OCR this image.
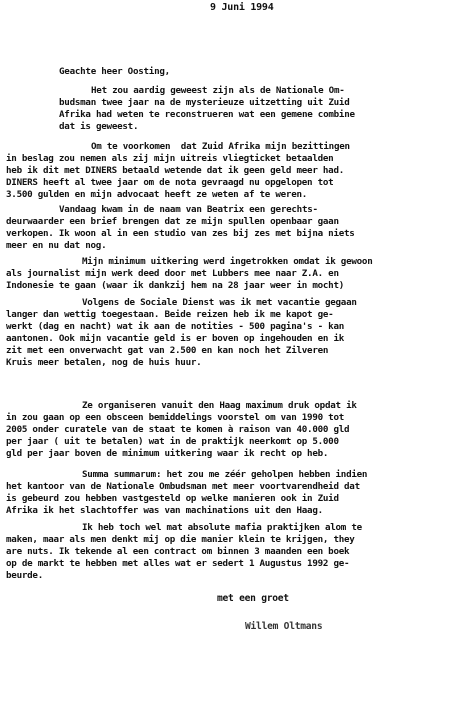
9 Juni 1994
Geachte heer Oosting,
Het zou aardig geweest zijn als de Nationale Om-
budsman twee jaar na de mysterieuze uitzetting uit Zuid
Afrika had weten te reconstrueren wat een gemene combine
dat is geweest.
Om te voorkomen  dat Zuid Afrika mijn bezittingen
in beslag zou nemen als zij mijn uitreis vliegticket betaalden
heb ik dit met DINERS betaald wetende dat ik geen geld meer had.
DINERS heeft al twee jaar om de nota gevraagd nu opgelopen tot
3.500 gulden en mijn advocaat heeft ze weten af te weren.
Vandaag kwam in de naam van Beatrix een gerechts-
deurwaarder een brief brengen dat ze mijn spullen openbaar gaan
verkopen. Ik woon al in een studio van zes bij zes met bijna niets
meer en nu dat nog.
Mijn minimum uitkering werd ingetrokken omdat ik gewoon
als journalist mijn werk deed door met Lubbers mee naar Z.A. en
Indonesie te gaan (waar ik dankzij hem na 28 jaar weer in mocht)
Volgens de Sociale Dienst was ik met vacantie gegaan
langer dan wettig toegestaan. Beide reizen heb ik me kapot ge-
werkt (dag en nacht) wat ik aan de notities - 500 pagina's - kan
aantonen. Ook mijn vacantie geld is er boven op ingehouden en ik
zit met een onverwacht gat van 2.500 en kan noch het Zilveren
Kruis meer betalen, nog de huis huur.
Ze organiseren vanuit den Haag maximum druk opdat ik
in zou gaan op een obsceen bemiddelings voorstel om van 1990 tot
2005 onder curatele van de staat te komen à raison van 40.000 gld
per jaar ( uit te betalen) wat in de praktijk neerkomt op 5.000
gld per jaar boven de minimum uitkering waar ik recht op heb.
Summa summarum: het zou me zéér geholpen hebben indien
het kantoor van de Nationale Ombudsman met meer voortvarendheid dat
is gebeurd zou hebben vastgesteld op welke manieren ook in Zuid
Afrika ik het slachtoffer was van machinations uit den Haag.
Ik heb toch wel mat absolute mafia praktijken alom te
maken, maar als men denkt mij op die manier klein te krijgen, they
are nuts. Ik tekende al een contract om binnen 3 maanden een boek
op de markt te hebben met alles wat er sedert 1 Augustus 1992 ge-
beurde.
met een groet
Willem Oltmans
